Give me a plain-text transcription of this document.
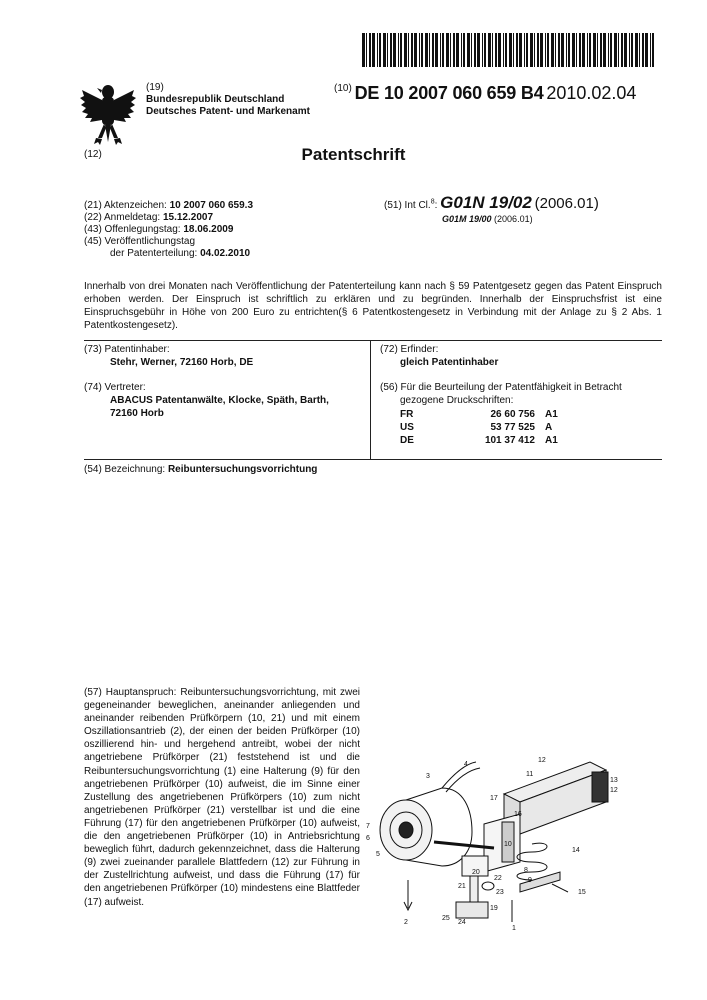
(19)
Bundesrepublik Deutschland
Deutsches Patent- und Markenamt
(10) DE 10 2007 060 659 B4 2010.02.04
(12)	Patentschrift
(21) Aktenzeichen: 10 2007 060 659.3
(22) Anmeldetag: 15.12.2007
(43) Offenlegungstag: 18.06.2009
(45) Veröffentlichungstag
der Patenterteilung: 04.02.2010
(51) Int Cl.$^8$: G01N 19/02 (2006.01)
G01M 19/00 (2006.01)
Innerhalb von drei Monaten nach Veröffentlichung der Patenterteilung kann nach § 59 Patentgesetz gegen das Patent Einspruch erhoben werden. Der Einspruch ist schriftlich zu erklären und zu begründen. Innerhalb der Einspruchsfrist ist eine Einspruchsgebühr in Höhe von 200 Euro zu entrichten(§ 6 Patentkostengesetz in Verbindung mit der Anlage zu § 2 Abs. 1 Patentkostengesetz).
(73) Patentinhaber:
Stehr, Werner, 72160 Horb, DE
(74) Vertreter:
ABACUS Patentanwälte, Klocke, Späth, Barth,
72160 Horb
(72) Erfinder:
gleich Patentinhaber
(56) Für die Beurteilung der Patentfähigkeit in Betracht
gezogene Druckschriften:
FR	26 60 756	A1
US	53 77 525	A
DE	101 37 412	A1
(54) Bezeichnung: Reibuntersuchungsvorrichtung
(57) Hauptanspruch: Reibuntersuchungsvorrichtung, mit zwei gegeneinander beweglichen, aneinander anliegenden und aneinander reibenden Prüfkörpern (10, 21) und mit einem Oszillationsantrieb (2), der einen der beiden Prüfkörper (10) oszillierend hin- und hergehend antreibt, wobei der nicht angetriebene Prüfkörper (21) feststehend ist und die Reibuntersuchungsvorrichtung (1) eine Halterung (9) für den angetriebenen Prüfkörper (10) aufweist, die im Sinne einer Zustellung des angetriebenen Prüfkörpers (10) zum nicht angetriebenen Prüfkörper (21) verstellbar ist und die eine Führung (17) für den angetriebenen Prüfkörper (10) aufweist, die den angetriebenen Prüfkörper (10) in Antriebsrichtung beweglich führt, dadurch gekennzeichnet, dass die Halterung (9) zwei zueinander parallele Blattfedern (12) zur Führung in der Zustellrichtung aufweist, und dass die Führung (17) für den angetriebenen Prüfkörper (10) mindestens eine Blattfeder (17) aufweist.
3
4
7
6
5
2
17
16
11
12
13
12
14
10
8
20
21
22
23
19
9
15
1
25
24
